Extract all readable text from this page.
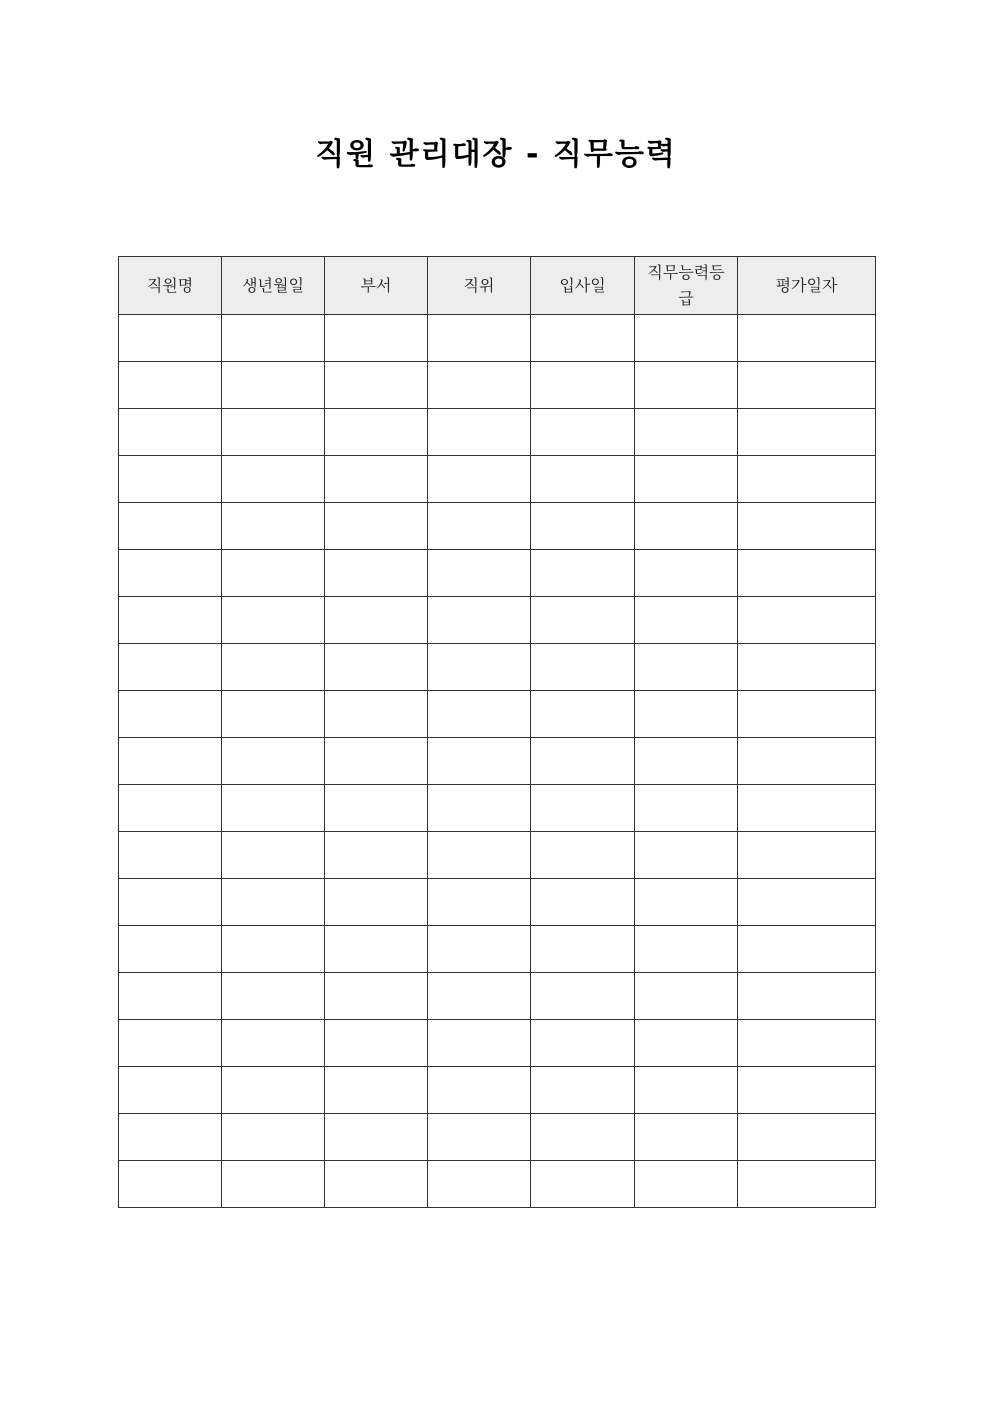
직원 관리대장 - 직무능력
직원명	생년월일	부서	직위	입사일	직무능력등급	평가일자
